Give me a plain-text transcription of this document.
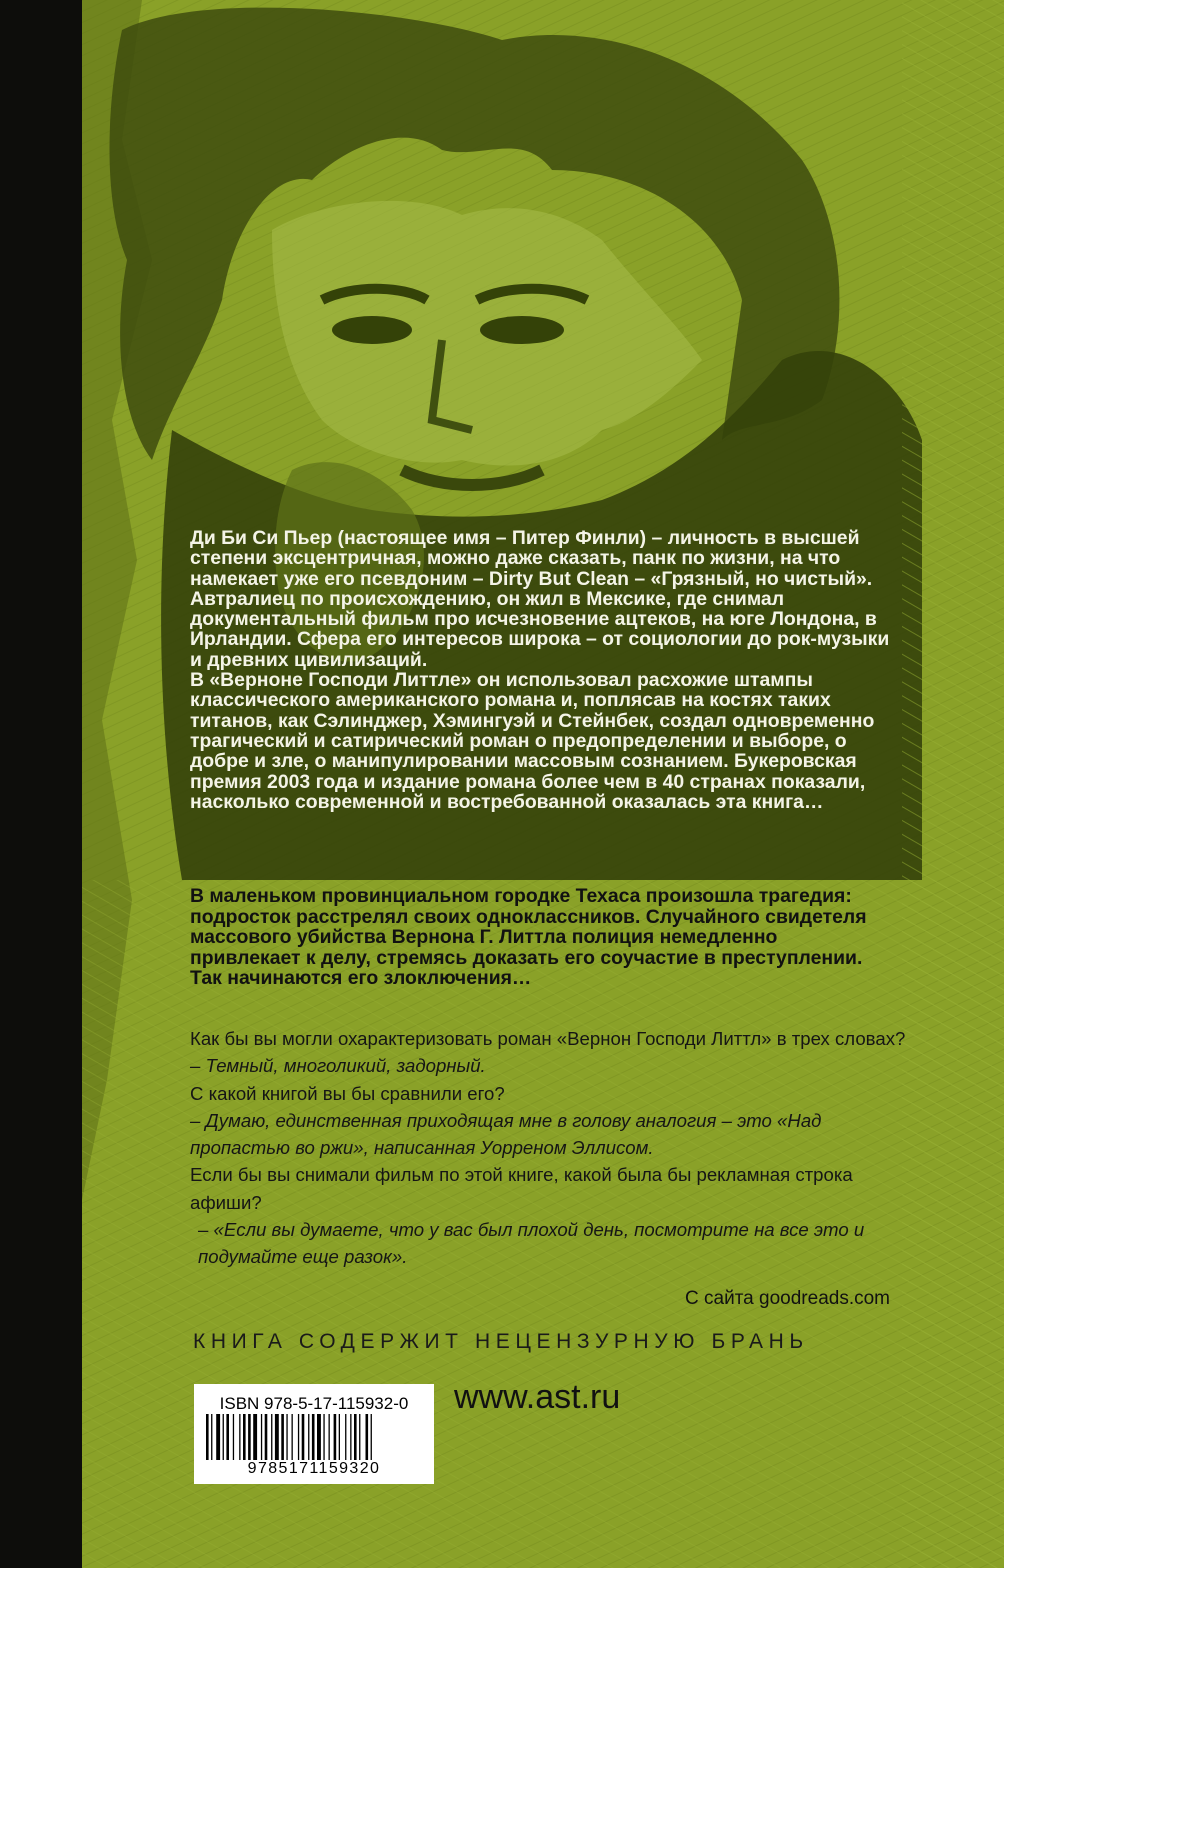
Ди Би Си Пьер (настоящее имя – Питер Финли) – личность в высшей степени эксцентричная, можно даже сказать, панк по жизни, на что намекает уже его псевдоним – Dirty But Clean – «Грязный, но чистый».

Автралиец по происхождению, он жил в Мексике, где снимал документальный фильм про исчезновение ацтеков, на юге Лондона, в Ирландии. Сфера его интересов широка – от социологии до рок-музыки и древних цивилизаций.

В «Верноне Господи Литтле» он использовал расхожие штампы классического американского романа и, поплясав на костях таких титанов, как Сэлинджер, Хэмингуэй и Стейнбек, создал одновременно трагический и сатирический роман о предопределении и выборе, о добре и зле, о манипулировании массовым сознанием. Букеровская премия 2003 года и издание романа более чем в 40 странах показали, насколько современной и востребованной оказалась эта книга…

В маленьком провинциальном городке Техаса произошла трагедия: подросток расстрелял своих одноклассников. Случайного свидетеля массового убийства Вернона Г. Литтла полиция немедленно привлекает к делу, стремясь доказать его соучастие в преступлении. Так начинаются его злоключения…

Как бы вы могли охарактеризовать роман «Вернон Господи Литтл» в трех словах?

– Темный, многоликий, задорный.

С какой книгой вы бы сравнили его?

– Думаю, единственная приходящая мне в голову аналогия – это «Над пропастью во ржи», написанная Уорреном Эллисом.

Если бы вы снимали фильм по этой книге, какой была бы рекламная строка афиши?

– «Если вы думаете, что у вас был плохой день, посмотрите на все это и подумайте еще разок».

С сайта goodreads.com

КНИГА СОДЕРЖИТ НЕЦЕНЗУРНУЮ БРАНЬ

ISBN 978-5-17-115932-0
9785171159320

www.ast.ru
